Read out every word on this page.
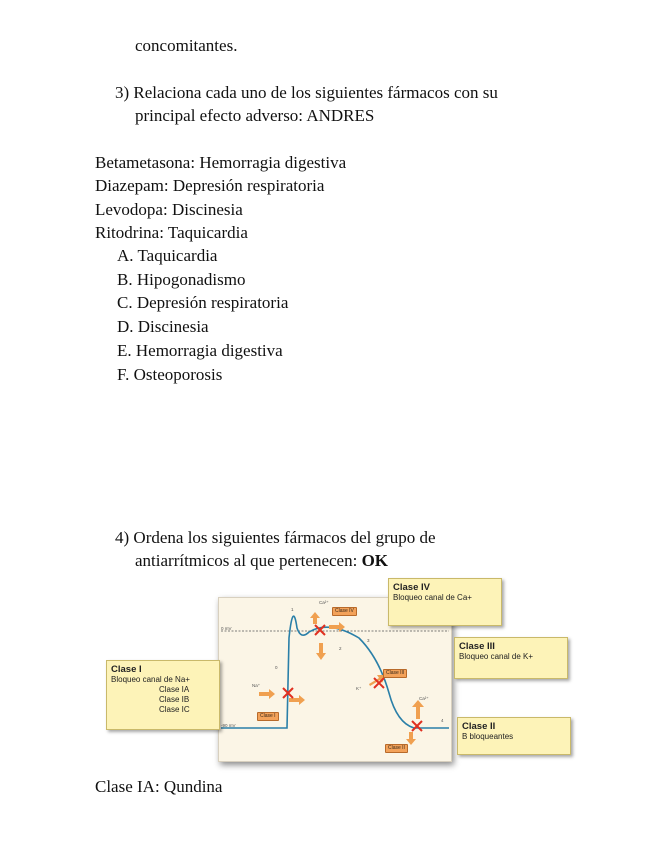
concomitantes.
3) Relaciona cada uno de los siguientes fármacos con su
principal efecto adverso: ANDRES
Betametasona: Hemorragia digestiva
Diazepam: Depresión respiratoria
Levodopa: Discinesia
Ritodrina: Taquicardia
A. Taquicardia
B. Hipogonadismo
C. Depresión respiratoria
D. Discinesia
E. Hemorragia digestiva
F. Osteoporosis
4) Ordena los siguientes fármacos del grupo de
antiarrítmicos al que pertenecen: OK
0 mV
-90 mV
0
1
2
3
4
Ca²⁺
Na⁺
K⁺
Ca²⁺
Clase IV
Clase III
Clase I
Clase II
Clase IV
Bloqueo canal de Ca+
Clase III
Bloqueo canal de K+
Clase I
Bloqueo canal de Na+
Clase IA
Clase IB
Clase IC
Clase II
B bloqueantes
Clase IA: Qundina
